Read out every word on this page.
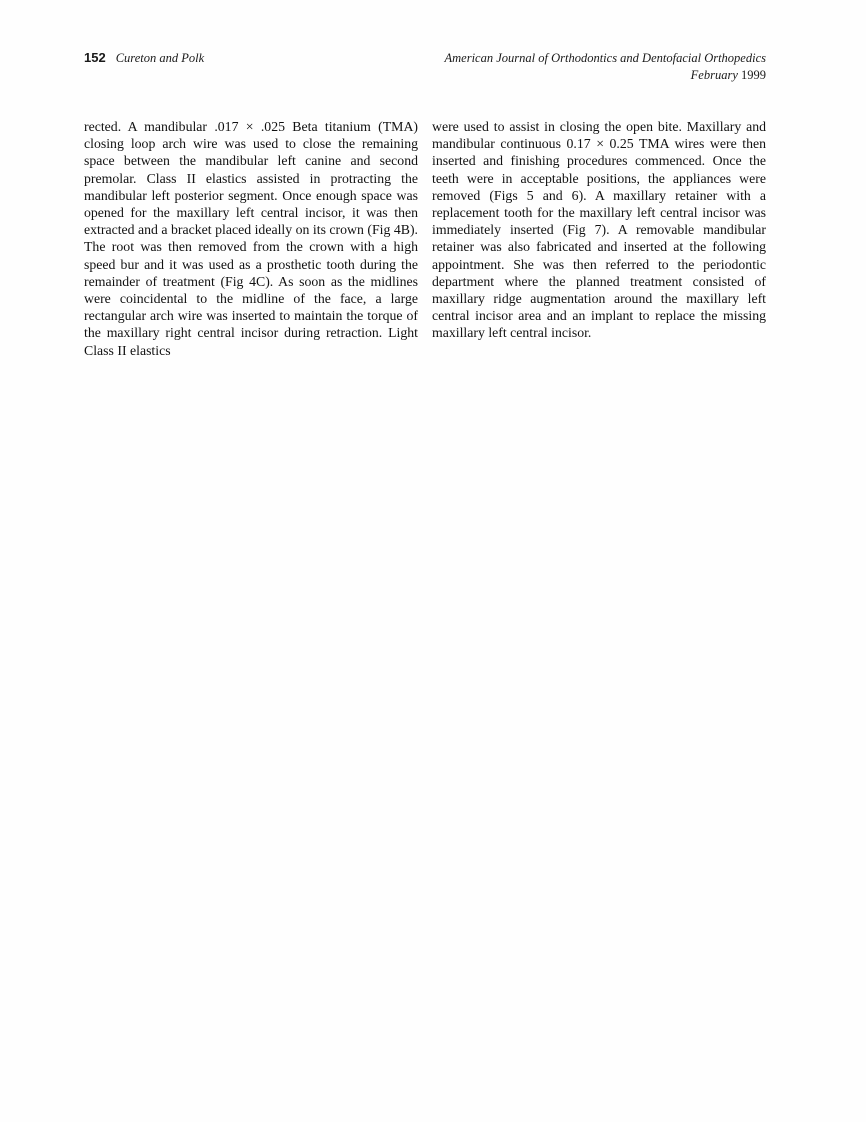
152 Cureton and Polk	American Journal of Orthodontics and Dentofacial Orthopedics
February 1999
rected. A mandibular .017 × .025 Beta titanium (TMA) closing loop arch wire was used to close the remaining space between the mandibular left canine and second premolar. Class II elastics assisted in protracting the mandibular left posterior segment. Once enough space was opened for the maxillary left central incisor, it was then extracted and a bracket placed ideally on its crown (Fig 4B). The root was then removed from the crown with a high speed bur and it was used as a prosthetic tooth during the remainder of treatment (Fig 4C). As soon as the midlines were coincidental to the midline of the face, a large rectangular arch wire was inserted to maintain the torque of the maxillary right central incisor during retraction. Light Class II elastics
were used to assist in closing the open bite. Maxillary and mandibular continuous 0.17 × 0.25 TMA wires were then inserted and finishing procedures commenced. Once the teeth were in acceptable positions, the appliances were removed (Figs 5 and 6). A maxillary retainer with a replacement tooth for the maxillary left central incisor was immediately inserted (Fig 7). A removable mandibular retainer was also fabricated and inserted at the following appointment. She was then referred to the periodontic department where the planned treatment consisted of maxillary ridge augmentation around the maxillary left central incisor area and an implant to replace the missing maxillary left central incisor.
